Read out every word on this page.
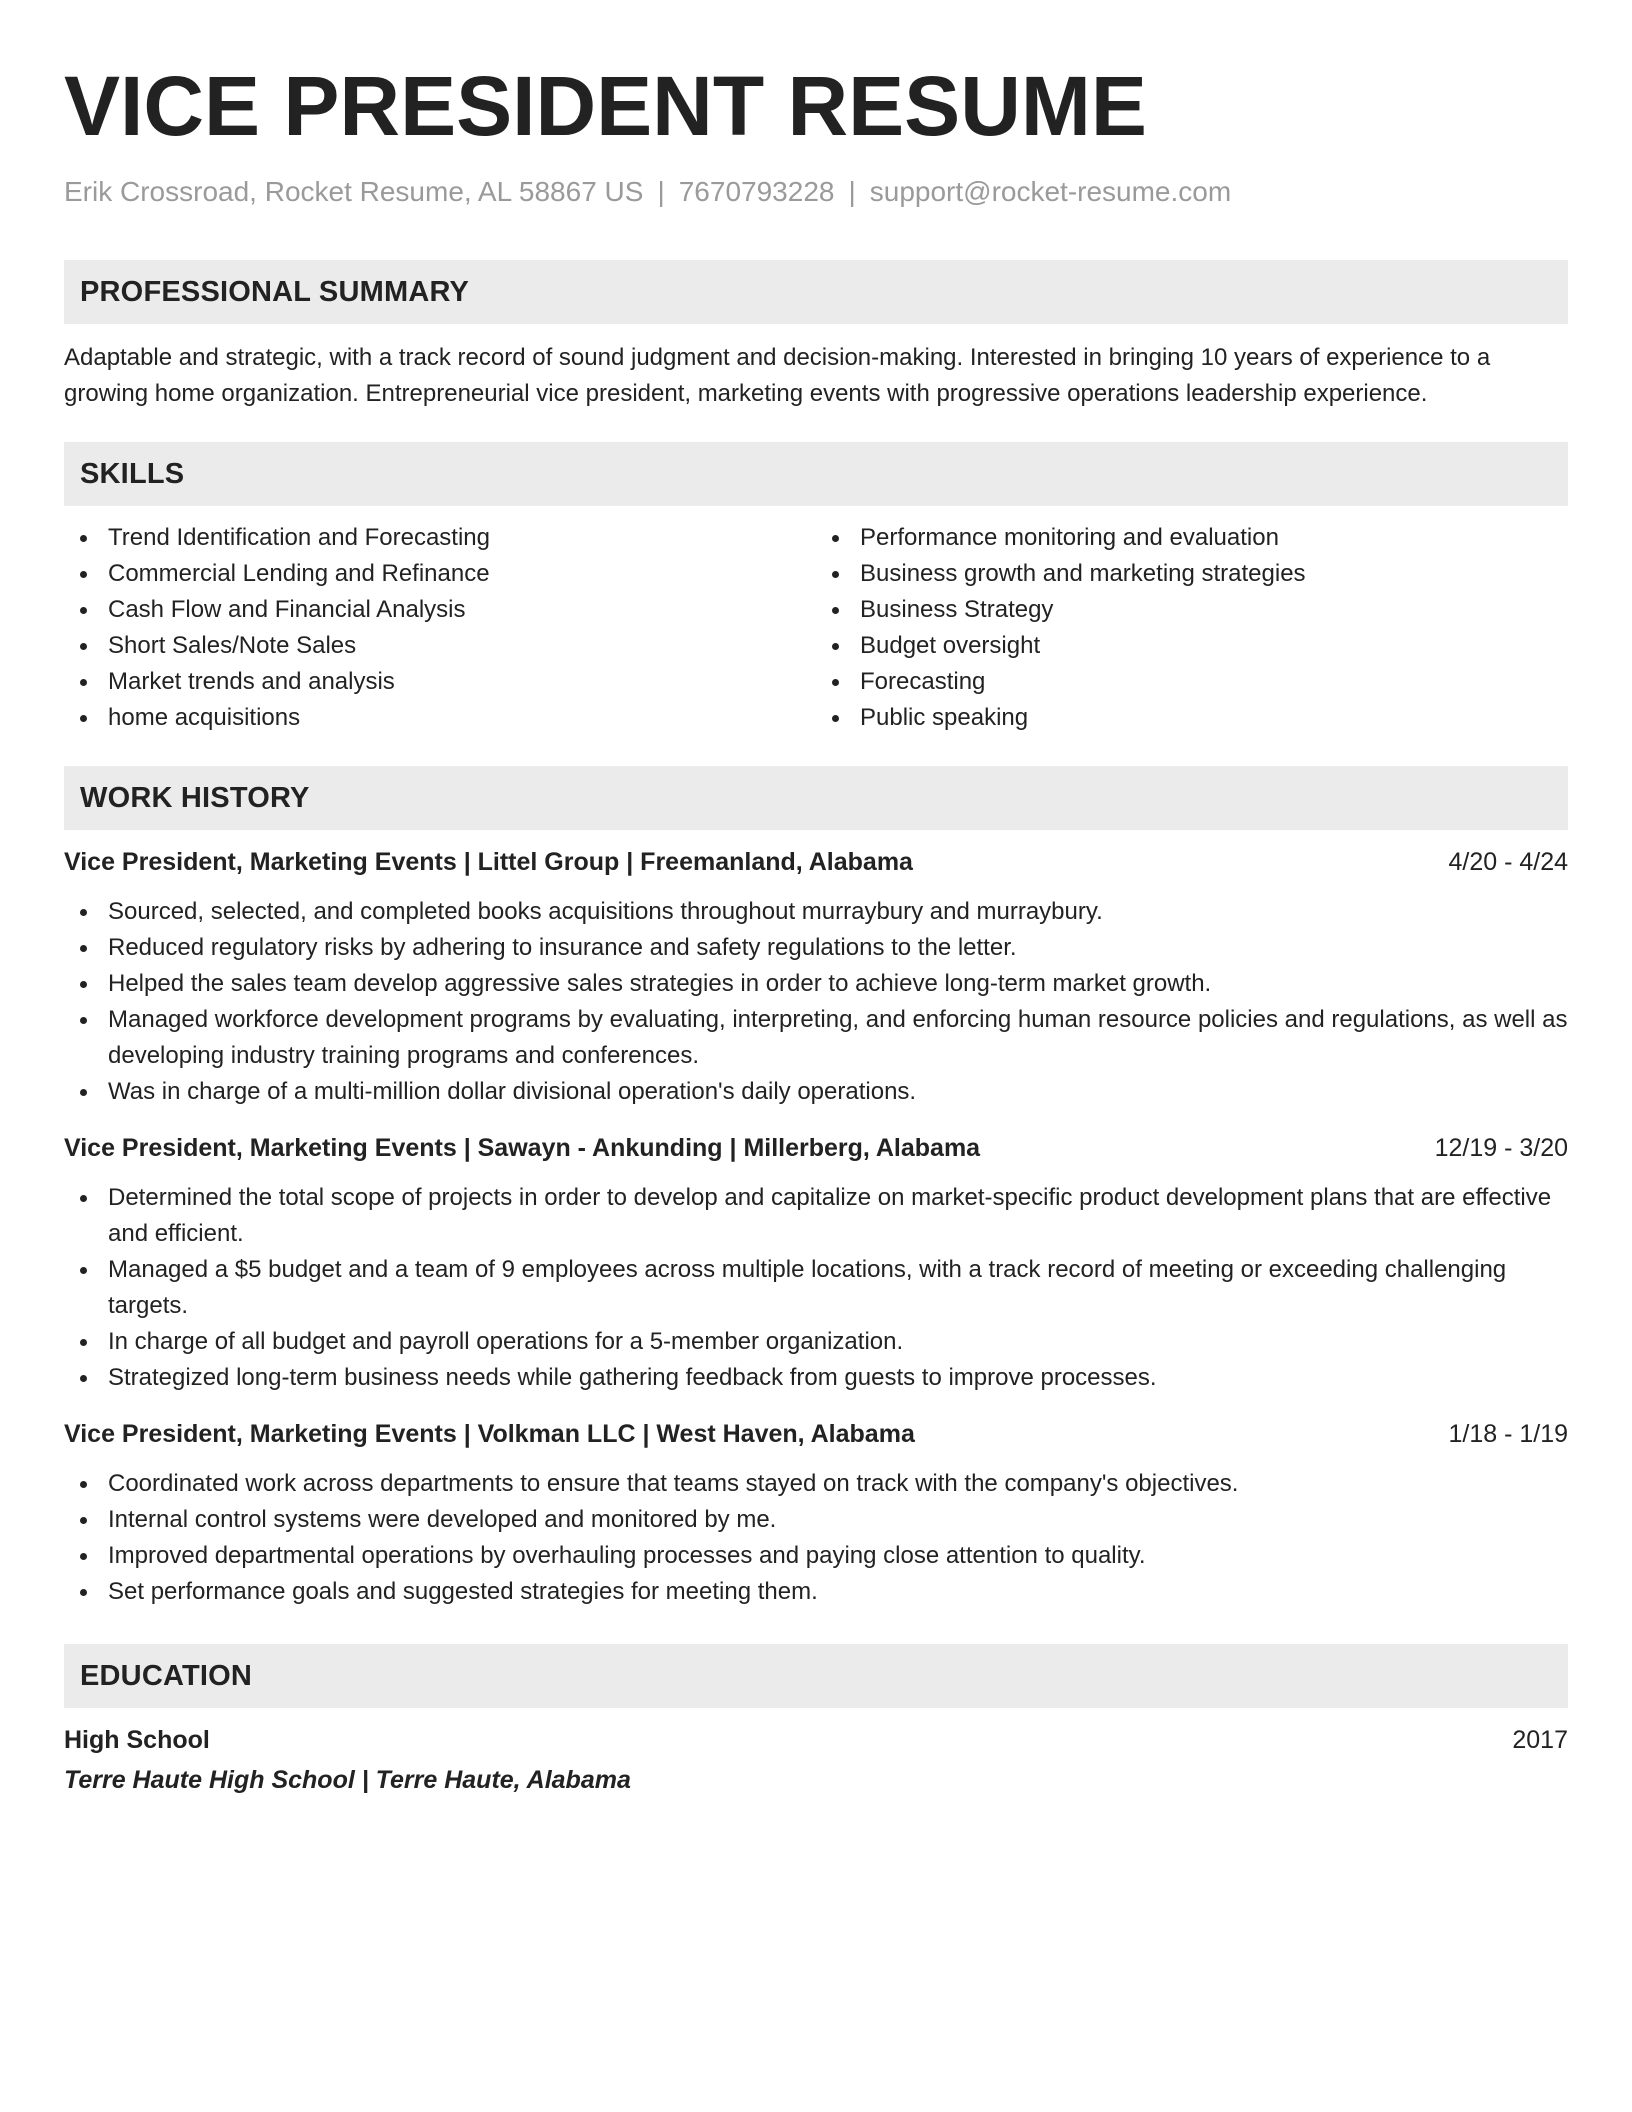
VICE PRESIDENT RESUME
Erik Crossroad, Rocket Resume, AL 58867 US | 7670793228 | support@rocket-resume.com
PROFESSIONAL SUMMARY
Adaptable and strategic, with a track record of sound judgment and decision-making. Interested in bringing 10 years of experience to a growing home organization. Entrepreneurial vice president, marketing events with progressive operations leadership experience.
SKILLS
Trend Identification and Forecasting
Commercial Lending and Refinance
Cash Flow and Financial Analysis
Short Sales/Note Sales
Market trends and analysis
home acquisitions
Performance monitoring and evaluation
Business growth and marketing strategies
Business Strategy
Budget oversight
Forecasting
Public speaking
WORK HISTORY
Vice President, Marketing Events | Littel Group | Freemanland, Alabama	4/20 - 4/24
Sourced, selected, and completed books acquisitions throughout murraybury and murraybury.
Reduced regulatory risks by adhering to insurance and safety regulations to the letter.
Helped the sales team develop aggressive sales strategies in order to achieve long-term market growth.
Managed workforce development programs by evaluating, interpreting, and enforcing human resource policies and regulations, as well as developing industry training programs and conferences.
Was in charge of a multi-million dollar divisional operation's daily operations.
Vice President, Marketing Events | Sawayn - Ankunding | Millerberg, Alabama	12/19 - 3/20
Determined the total scope of projects in order to develop and capitalize on market-specific product development plans that are effective and efficient.
Managed a $5 budget and a team of 9 employees across multiple locations, with a track record of meeting or exceeding challenging targets.
In charge of all budget and payroll operations for a 5-member organization.
Strategized long-term business needs while gathering feedback from guests to improve processes.
Vice President, Marketing Events | Volkman LLC | West Haven, Alabama	1/18 - 1/19
Coordinated work across departments to ensure that teams stayed on track with the company's objectives.
Internal control systems were developed and monitored by me.
Improved departmental operations by overhauling processes and paying close attention to quality.
Set performance goals and suggested strategies for meeting them.
EDUCATION
High School	2017
Terre Haute High School | Terre Haute, Alabama
